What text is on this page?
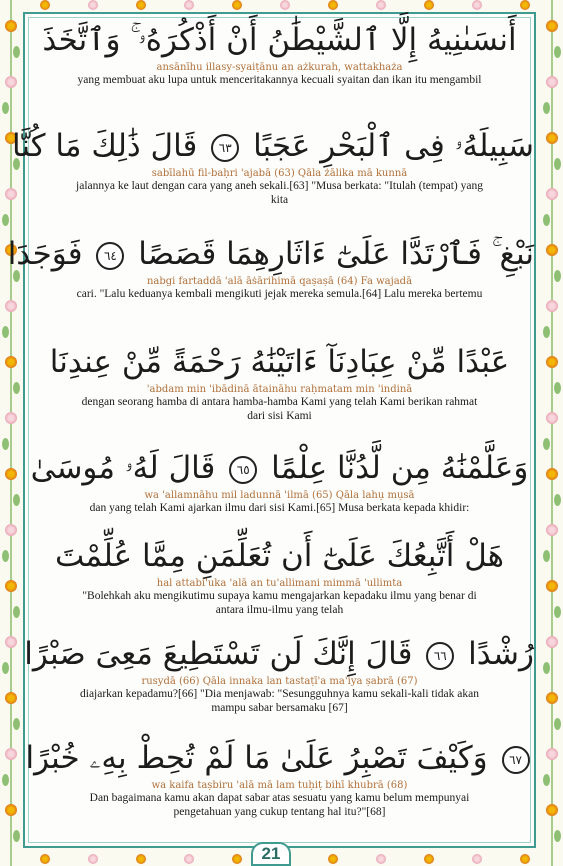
أَنسَىٰنِيهُ إِلَّا ٱلشَّيْطَٰنُ أَنْ أَذْكُرَهُۥ ۚ وَٱتَّخَذَ
ansānīhu illasy-syaiṭānu an ażkurah, wattakhaża
yang membuat aku lupa untuk menceritakannya kecuali syaitan dan ikan itu mengambil
سَبِيلَهُۥ فِى ٱلْبَحْرِ عَجَبًا ٦٣ قَالَ ذَٰلِكَ مَا كُنَّا
sabīlahū fil-baḥri 'ajabā (63) Qāla żālika mā kunnā
jalannya ke laut dengan cara yang aneh sekali.[63] "Musa berkata: "Itulah (tempat) yang kita
نَبْغِ ۚ فَٱرْتَدَّا عَلَىٰٓ ءَاثَارِهِمَا قَصَصًا ٦٤ فَوَجَدَا
nabgi fartaddā 'alā āṡārihimā qaṣaṣā (64) Fa wajadā
cari. "Lalu keduanya kembali mengikuti jejak mereka semula.[64] Lalu mereka bertemu
عَبْدًا مِّنْ عِبَادِنَآ ءَاتَيْنَٰهُ رَحْمَةً مِّنْ عِندِنَا
'abdam min 'ibādinā ātaināhu raḥmatam min 'indinā
dengan seorang hamba di antara hamba-hamba Kami yang telah Kami berikan rahmat dari sisi Kami
وَعَلَّمْنَٰهُ مِن لَّدُنَّا عِلْمًا ٦٥ قَالَ لَهُۥ مُوسَىٰ
wa 'allamnāhu mil ladunnā 'ilmā (65) Qāla lahụ mụsā
dan yang telah Kami ajarkan ilmu dari sisi Kami.[65] Musa berkata kepada khidir:
هَلْ أَتَّبِعُكَ عَلَىٰٓ أَن تُعَلِّمَنِ مِمَّا عُلِّمْتَ
hal attabi'uka 'alā an tu'allimani mimmā 'ullimta
"Bolehkah aku mengikutimu supaya kamu mengajarkan kepadaku ilmu yang benar di antara ilmu-ilmu yang telah
رُشْدًا ٦٦ قَالَ إِنَّكَ لَن تَسْتَطِيعَ مَعِىَ صَبْرًا
rusydā (66) Qāla innaka lan tastaṭī'a ma'iya ṣabrā (67)
diajarkan kepadamu?[66] "Dia menjawab: "Sesungguhnya kamu sekali-kali tidak akan mampu sabar bersamaku [67]
٦٧ وَكَيْفَ تَصْبِرُ عَلَىٰ مَا لَمْ تُحِطْ بِهِۦ خُبْرًا
wa kaifa taṣbiru 'alā mā lam tuḥiṭ bihī khubrā (68)
Dan bagaimana kamu akan dapat sabar atas sesuatu yang kamu belum mempunyai pengetahuan yang cukup tentang hal itu?"[68]
21
